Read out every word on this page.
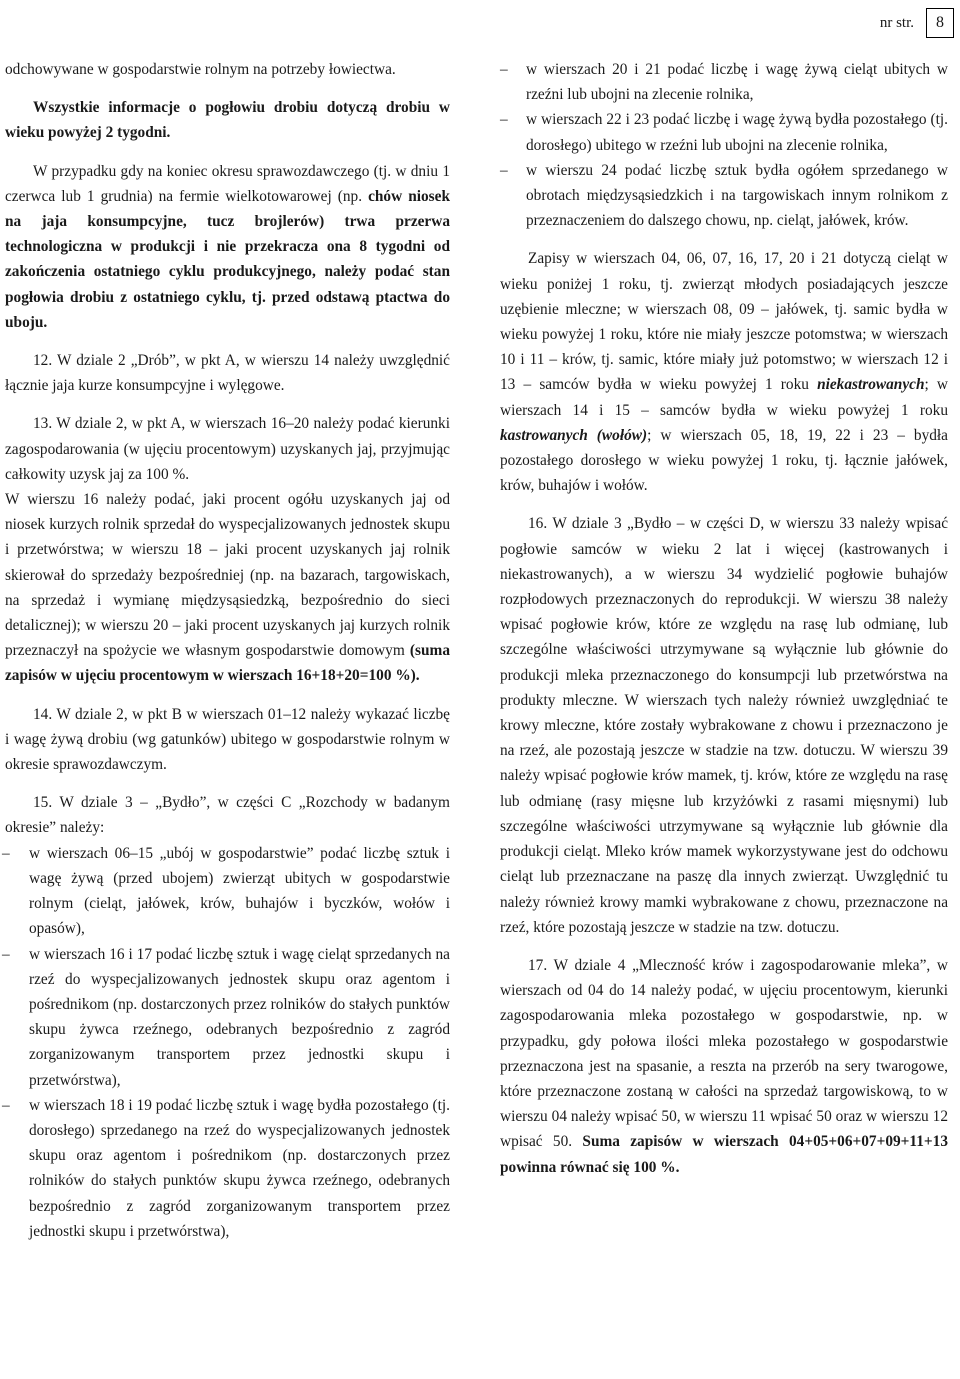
nr str.	8

odchowywane w gospodarstwie rolnym na potrzeby łowiectwa.

Wszystkie informacje o pogłowiu drobiu dotyczą drobiu w wieku powyżej 2 tygodni.

W przypadku gdy na koniec okresu sprawozdawczego (tj. w dniu 1 czerwca lub 1 grudnia) na fermie wielkotowarowej (np. chów niosek na jaja konsumpcyjne, tucz brojlerów) trwa przerwa technologiczna w produkcji i nie przekracza ona 8 tygodni od zakończenia ostatniego cyklu produkcyjnego, należy podać stan pogłowia drobiu z ostatniego cyklu, tj. przed odstawą ptactwa do uboju.

12. W dziale 2 „Drób”, w pkt A, w wierszu 14 należy uwzględnić łącznie jaja kurze konsumpcyjne i wylęgowe.

13. W dziale 2, w pkt A, w wierszach 16–20 należy podać kierunki zagospodarowania (w ujęciu procentowym) uzyskanych jaj, przyjmując całkowity uzysk jaj za 100 %.

W wierszu 16 należy podać, jaki procent ogółu uzyskanych jaj od niosek kurzych rolnik sprzedał do wyspecjalizowanych jednostek skupu i przetwórstwa; w wierszu 18 – jaki procent uzyskanych jaj rolnik skierował do sprzedaży bezpośredniej (np. na bazarach, targowiskach, na sprzedaż i wymianę międzysąsiedzką, bezpośrednio do sieci detalicznej); w wierszu 20 – jaki procent uzyskanych jaj kurzych rolnik przeznaczył na spożycie we własnym gospodarstwie domowym (suma zapisów w ujęciu procentowym w wierszach 16+18+20=100 %).

14. W dziale 2, w pkt B w wierszach 01–12 należy wykazać liczbę i wagę żywą drobiu (wg gatunków) ubitego w gospodarstwie rolnym w okresie sprawozdawczym.

15. W dziale 3 – „Bydło”, w części C „Rozchody w badanym okresie” należy:

– w wierszach 06–15 „ubój w gospodarstwie” podać liczbę sztuk i wagę żywą (przed ubojem) zwierząt ubitych w gospodarstwie rolnym (cieląt, jałówek, krów, buhajów i byczków, wołów i opasów),
– w wierszach 16 i 17 podać liczbę sztuk i wagę cieląt sprzedanych na rzeź do wyspecjalizowanych jednostek skupu oraz agentom i pośrednikom (np. dostarczonych przez rolników do stałych punktów skupu żywca rzeźnego, odebranych bezpośrednio z zagród zorganizowanym transportem przez jednostki skupu i przetwórstwa),
– w wierszach 18 i 19 podać liczbę sztuk i wagę bydła pozostałego (tj. dorosłego) sprzedanego na rzeź do wyspecjalizowanych jednostek skupu oraz agentom i pośrednikom (np. dostarczonych przez rolników do stałych punktów skupu żywca rzeźnego, odebranych bezpośrednio z zagród zorganizowanym transportem przez jednostki skupu i przetwórstwa),
– w wierszach 20 i 21 podać liczbę i wagę żywą cieląt ubitych w rzeźni lub ubojni na zlecenie rolnika,
– w wierszach 22 i 23 podać liczbę i wagę żywą bydła pozostałego (tj. dorosłego) ubitego w rzeźni lub ubojni na zlecenie rolnika,
– w wierszu 24 podać liczbę sztuk bydła ogółem sprzedanego w obrotach międzysąsiedzkich i na targowiskach innym rolnikom z przeznaczeniem do dalszego chowu, np. cieląt, jałówek, krów.

Zapisy w wierszach 04, 06, 07, 16, 17, 20 i 21 dotyczą cieląt w wieku poniżej 1 roku, tj. zwierząt młodych posiadających jeszcze uzębienie mleczne; w wierszach 08, 09 – jałówek, tj. samic bydła w wieku powyżej 1 roku, które nie miały jeszcze potomstwa; w wierszach 10 i 11 – krów, tj. samic, które miały już potomstwo; w wierszach 12 i 13 – samców bydła w wieku powyżej 1 roku niekastrowanych; w wierszach 14 i 15 – samców bydła w wieku powyżej 1 roku kastrowanych (wołów); w wierszach 05, 18, 19, 22 i 23 – bydła pozostałego dorosłego w wieku powyżej 1 roku, tj. łącznie jałówek, krów, buhajów i wołów.

16. W dziale 3 „Bydło – w części D, w wierszu 33 należy wpisać pogłowie samców w wieku 2 lat i więcej (kastrowanych i niekastrowanych), a w wierszu 34 wydzielić pogłowie buhajów rozpłodowych przeznaczonych do reprodukcji. W wierszu 38 należy wpisać pogłowie krów, które ze względu na rasę lub odmianę, lub szczególne właściwości utrzymywane są wyłącznie lub głównie do produkcji mleka przeznaczonego do konsumpcji lub przetwórstwa na produkty mleczne. W wierszach tych należy również uwzględniać te krowy mleczne, które zostały wybrakowane z chowu i przeznaczono je na rzeź, ale pozostają jeszcze w stadzie na tzw. dotuczu. W wierszu 39 należy wpisać pogłowie krów mamek, tj. krów, które ze względu na rasę lub odmianę (rasy mięsne lub krzyżówki z rasami mięsnymi) lub szczególne właściwości utrzymywane są wyłącznie lub głównie dla produkcji cieląt. Mleko krów mamek wykorzystywane jest do odchowu cieląt lub przeznaczane na paszę dla innych zwierząt. Uwzględnić tu należy również krowy mamki wybrakowane z chowu, przeznaczone na rzeź, które pozostają jeszcze w stadzie na tzw. dotuczu.

17. W dziale 4 „Mleczność krów i zagospodarowanie mleka”, w wierszach od 04 do 14 należy podać, w ujęciu procentowym, kierunki zagospodarowania mleka pozostałego w gospodarstwie, np. w przypadku, gdy połowa ilości mleka pozostałego w gospodarstwie przeznaczona jest na spasanie, a reszta na przerób na sery twarogowe, które przeznaczone zostaną w całości na sprzedaż targowiskową, to w wierszu 04 należy wpisać 50, w wierszu 11 wpisać 50 oraz w wierszu 12 wpisać 50. Suma zapisów w wierszach 04+05+06+07+09+11+13 powinna równać się 100 %.
